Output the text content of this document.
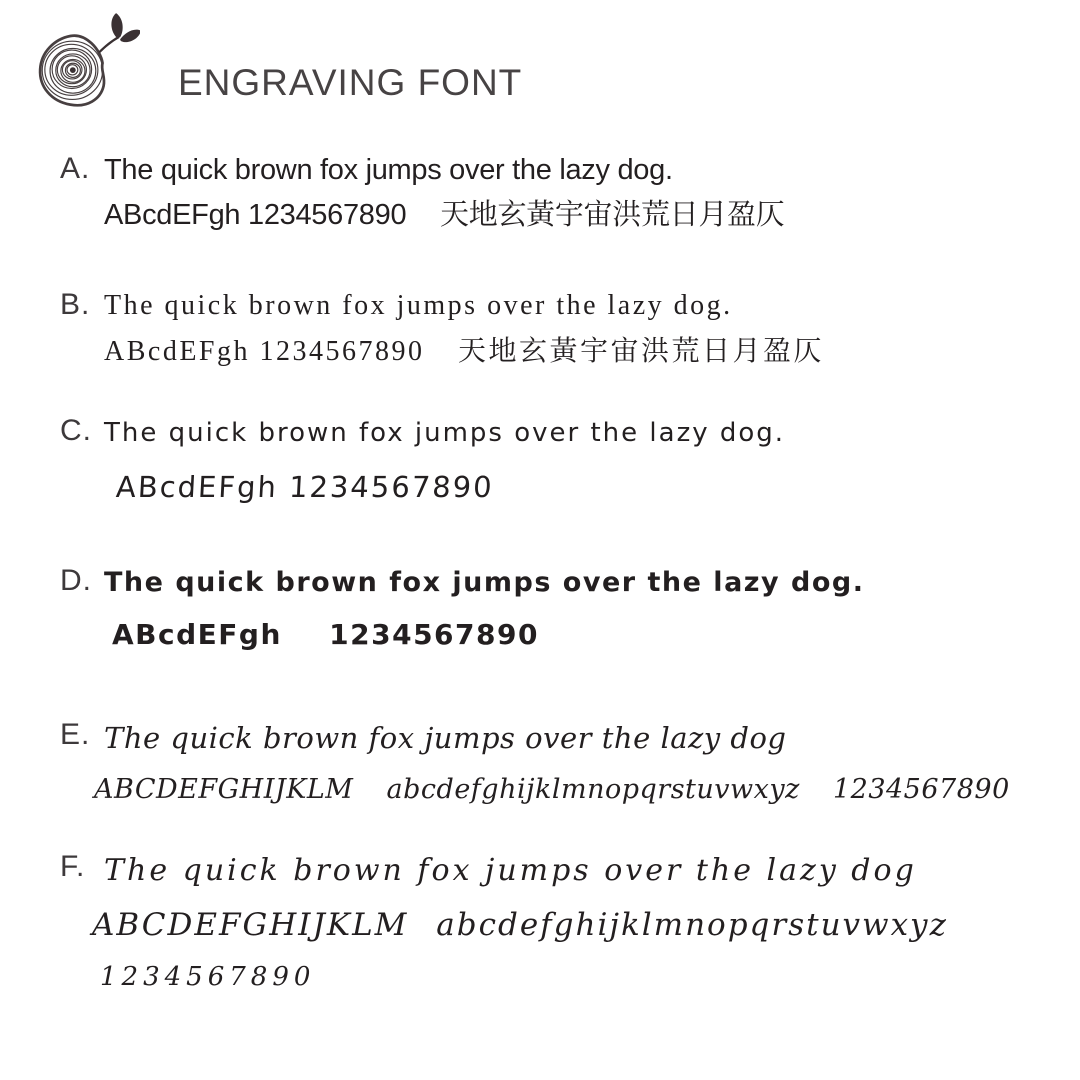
ENGRAVING FONT
A. The quick brown fox jumps over the lazy dog.
ABcdEFgh 1234567890 天地玄黃宇宙洪荒日月盈仄
B. The quick brown fox jumps over the lazy dog.
ABcdEFgh 1234567890 天地玄黃宇宙洪荒日月盈仄
C. The quick brown fox jumps over the lazy dog.
ABcdEFgh 1234567890
D. The quick brown fox jumps over the lazy dog.
ABcdEFgh 1234567890
E. The quick brown fox jumps over the lazy dog
ABCDEFGHIJKLM abcdefghijklmnopqrstuvwxyz 1234567890
F. The quick brown fox jumps over the lazy dog
ABCDEFGHIJKLM abcdefghijklmnopqrstuvwxyz
1234567890
